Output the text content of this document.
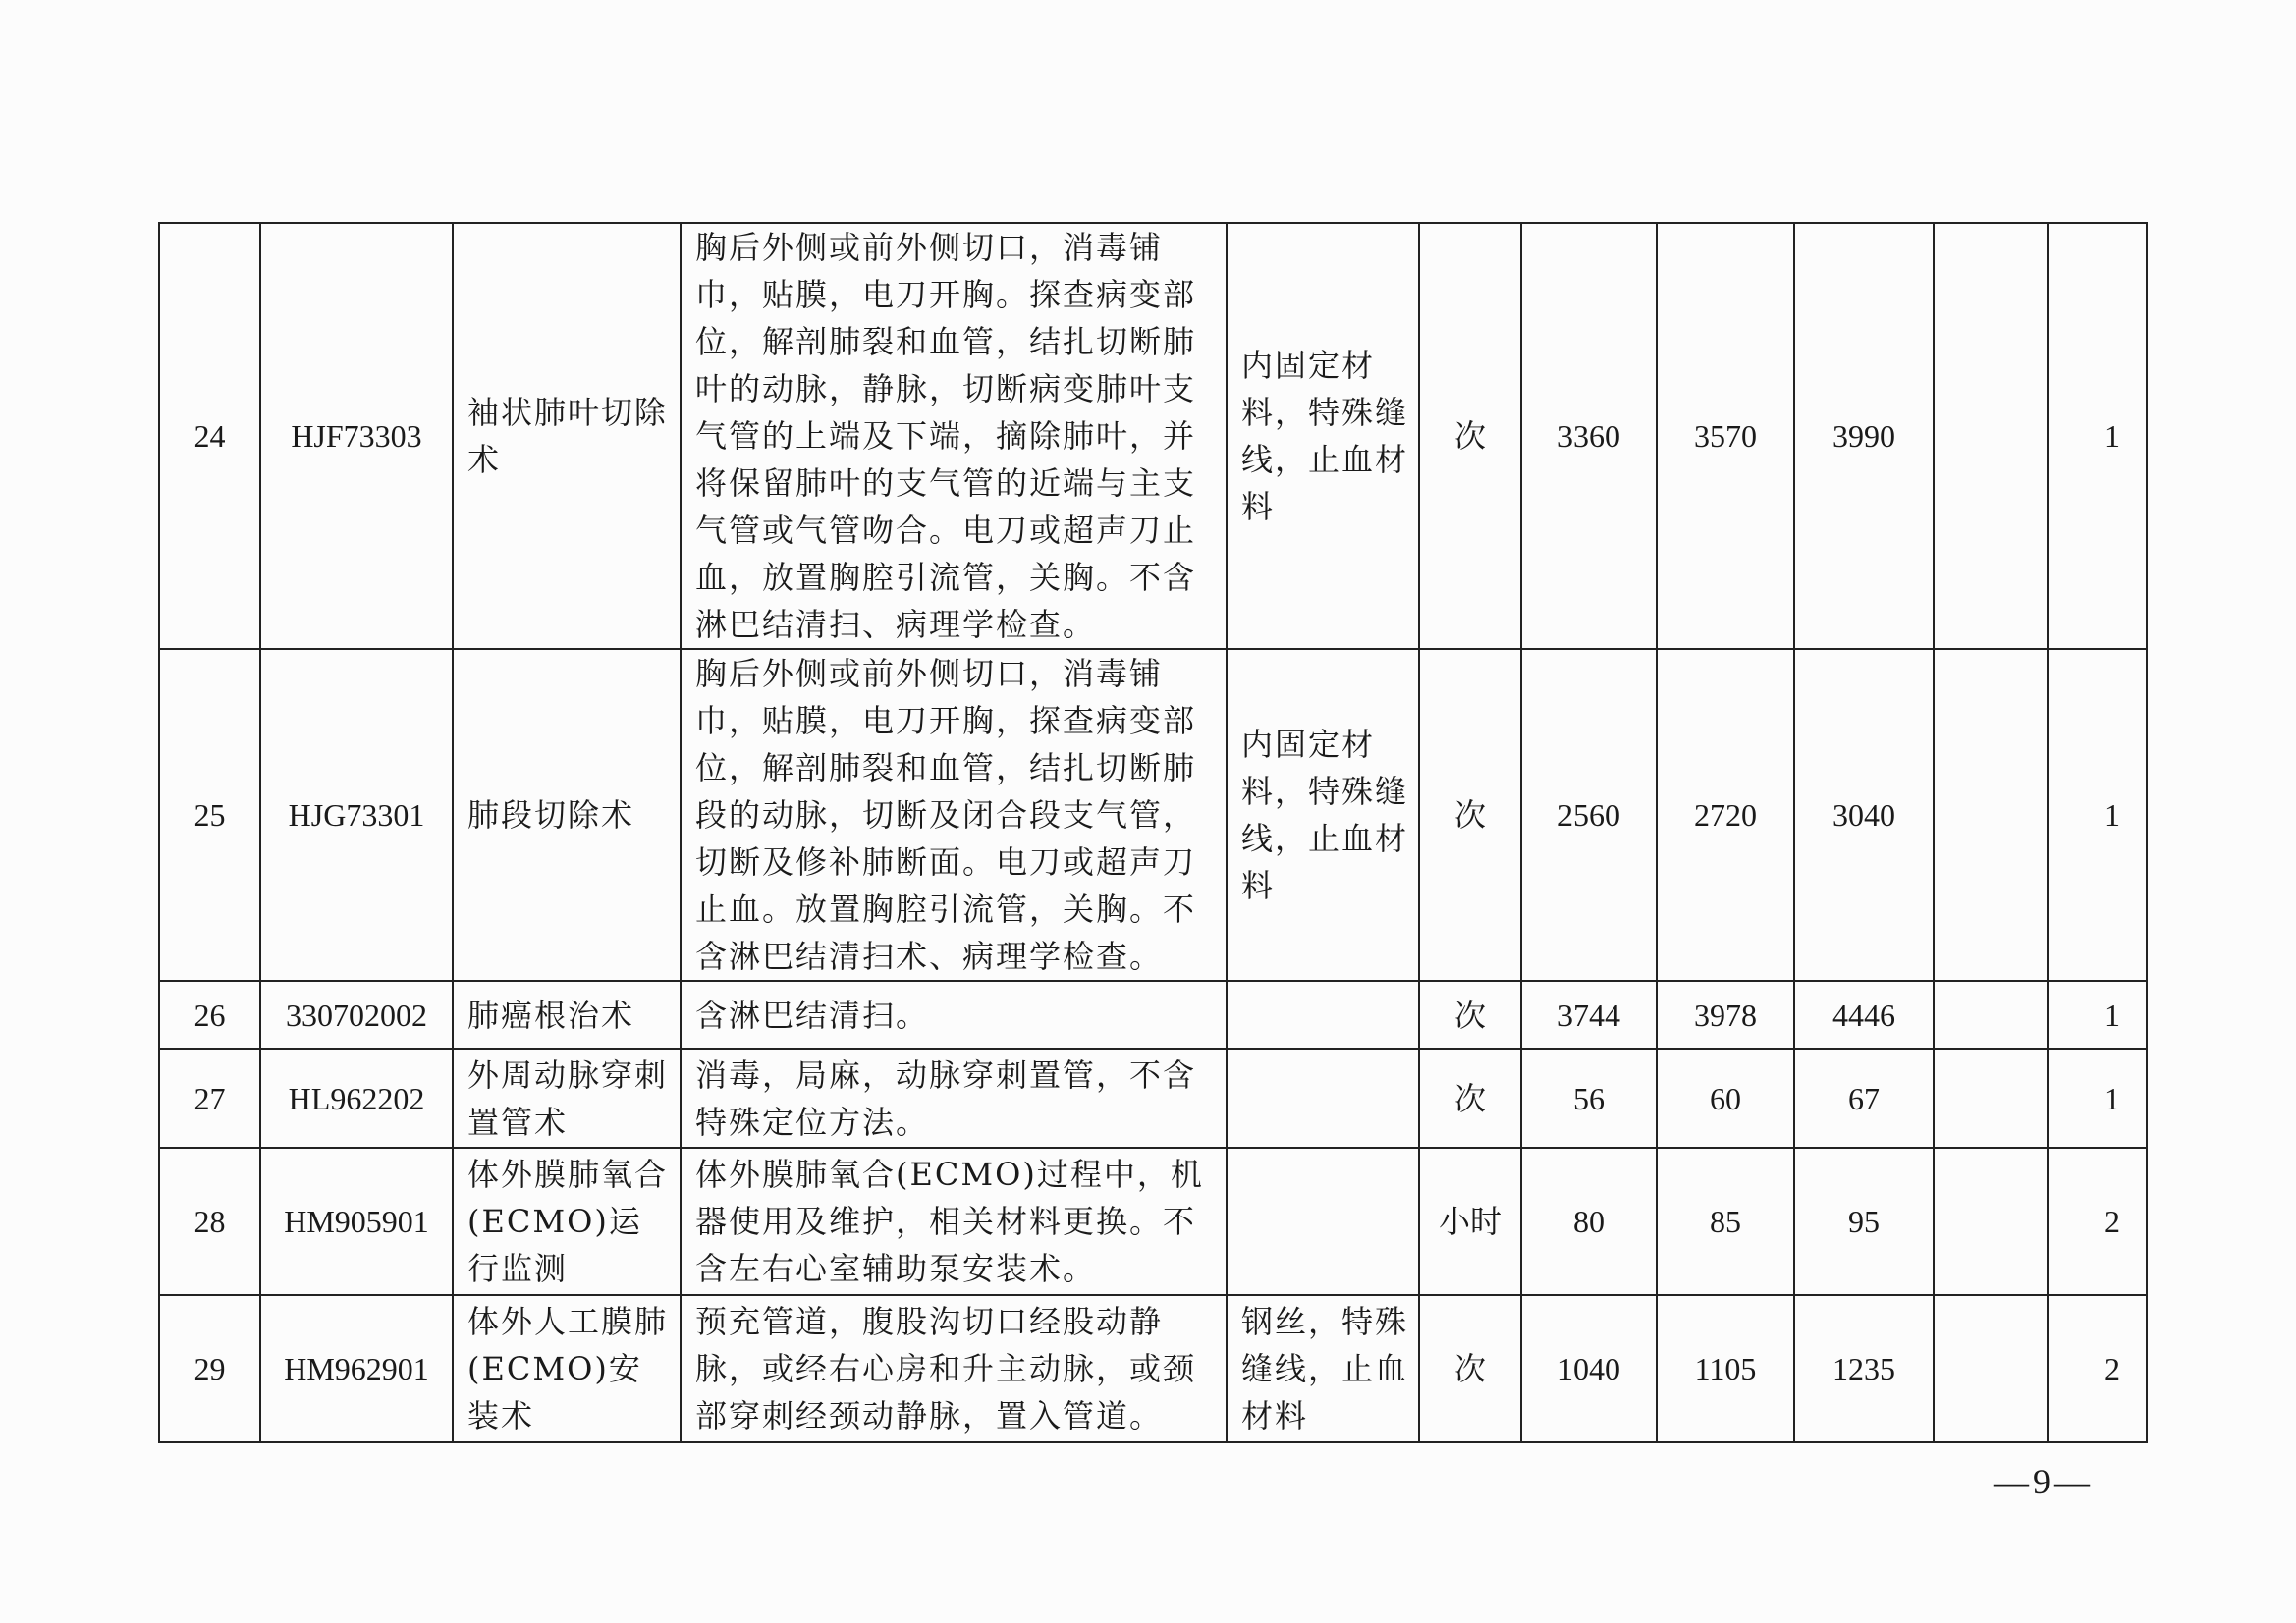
24	HJF73303	袖状肺叶切除术	胸后外侧或前外侧切口，消毒铺巾，贴膜，电刀开胸。探查病变部位，解剖肺裂和血管，结扎切断肺叶的动脉，静脉，切断病变肺叶支气管的上端及下端，摘除肺叶，并将保留肺叶的支气管的近端与主支气管或气管吻合。电刀或超声刀止血，放置胸腔引流管，关胸。不含淋巴结清扫、病理学检查。	内固定材料，特殊缝线，止血材料	次	3360	3570	3990		1
25	HJG73301	肺段切除术	胸后外侧或前外侧切口，消毒铺巾，贴膜，电刀开胸，探查病变部位，解剖肺裂和血管，结扎切断肺段的动脉，切断及闭合段支气管，切断及修补肺断面。电刀或超声刀止血。放置胸腔引流管，关胸。不含淋巴结清扫术、病理学检查。	内固定材料，特殊缝线，止血材料	次	2560	2720	3040		1
26	330702002	肺癌根治术	含淋巴结清扫。		次	3744	3978	4446		1
27	HL962202	外周动脉穿刺置管术	消毒，局麻，动脉穿刺置管，不含特殊定位方法。		次	56	60	67		1
28	HM905901	体外膜肺氧合(ECMO)运行监测	体外膜肺氧合(ECMO)过程中，机器使用及维护，相关材料更换。不含左右心室辅助泵安装术。		小时	80	85	95		2
29	HM962901	体外人工膜肺(ECMO)安装术	预充管道，腹股沟切口经股动静脉，或经右心房和升主动脉，或颈部穿刺经颈动静脉，置入管道。	钢丝，特殊缝线，止血材料	次	1040	1105	1235		2
—9—
